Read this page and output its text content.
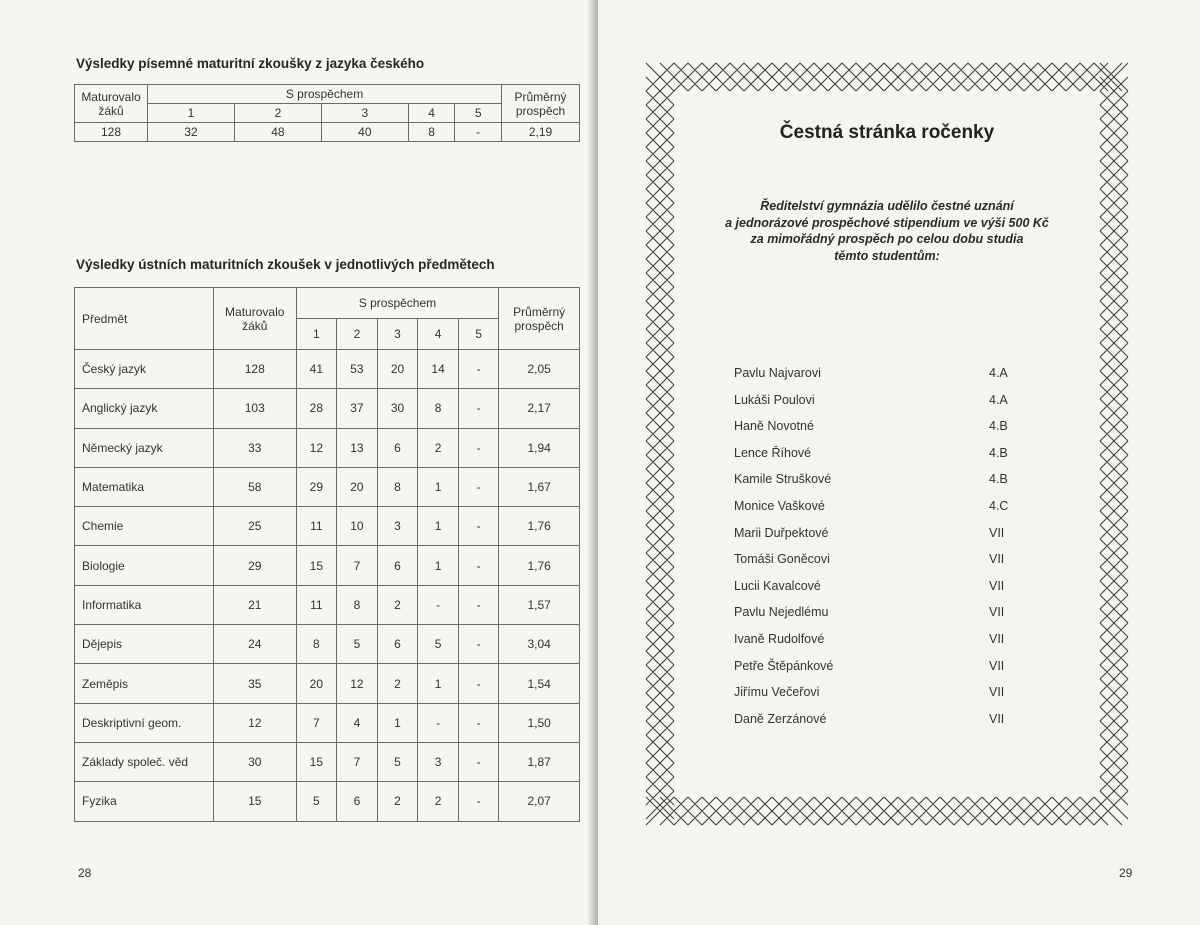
Výsledky písemné maturitní zkoušky z jazyka českého
Maturovalo žáků	S prospěchem					Průměrný prospěch
	1	2	3	4	5	
128	32	48	40	8	-	2,19
Výsledky ústních maturitních zkoušek v jednotlivých předmětech
Předmět	Maturovalo žáků	S prospěchem					Průměrný prospěch
		1	2	3	4	5	
Český jazyk	128	41	53	20	14	-	2,05
Anglický jazyk	103	28	37	30	8	-	2,17
Německý jazyk	33	12	13	6	2	-	1,94
Matematika	58	29	20	8	1	-	1,67
Chemie	25	11	10	3	1	-	1,76
Biologie	29	15	7	6	1	-	1,76
Informatika	21	11	8	2	-	-	1,57
Dějepis	24	8	5	6	5	-	3,04
Zeměpis	35	20	12	2	1	-	1,54
Deskriptivní geom.	12	7	4	1	-	-	1,50
Základy společ. věd	30	15	7	5	3	-	1,87
Fyzika	15	5	6	2	2	-	2,07
28
Čestná stránka ročenky
Ředitelství gymnázia udělilo čestné uznání
a jednorázové prospěchové stipendium ve výši 500 Kč
za mimořádný prospěch po celou dobu studia
těmto studentům:
Pavlu Najvarovi	4.A
Lukáši Poulovi	4.A
Haně Novotné	4.B
Lence Říhové	4.B
Kamile Struškové	4.B
Monice Vaškové	4.C
Marii Duřpektové	VII
Tomáši Goněcovi	VII
Lucii Kavalcové	VII
Pavlu Nejedlému	VII
Ivaně Rudolfové	VII
Petře Štěpánkové	VII
Jiřímu Večeřovi	VII
Daně Zerzánové	VII
29
